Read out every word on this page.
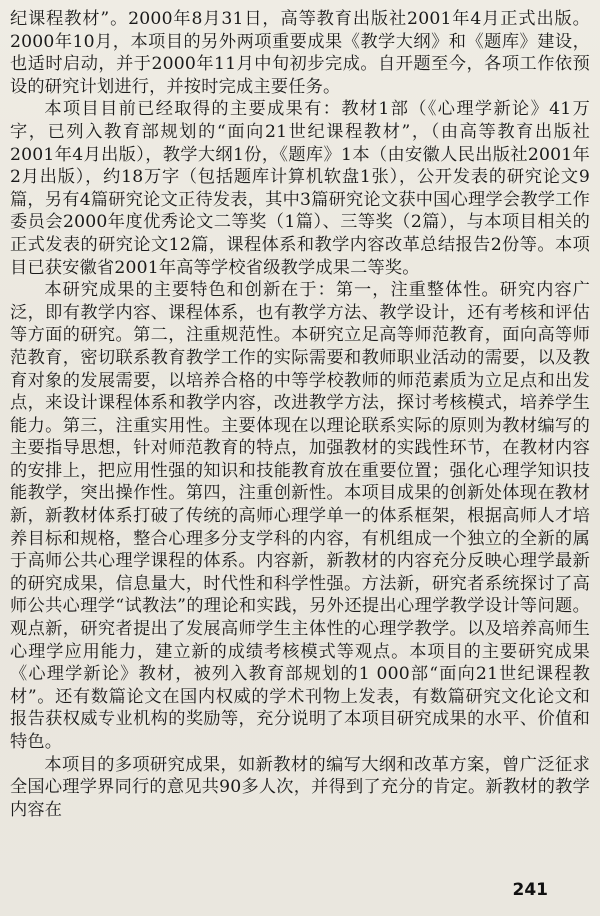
纪课程教材”。2000年8月31日，高等教育出版社2001年4月正式出版。2000年10月，本项目的另外两项重要成果《教学大纲》和《题库》建设，也适时启动，并于2000年11月中旬初步完成。自开题至今，各项工作依预设的研究计划进行，并按时完成主要任务。

本项目目前已经取得的主要成果有：教材1部（《心理学新论》41万字，已列入教育部规划的“面向21世纪课程教材”，（由高等教育出版社2001年4月出版），教学大纲1份，《题库》1本（由安徽人民出版社2001年2月出版），约18万字（包括题库计算机软盘1张），公开发表的研究论文9篇，另有4篇研究论文正待发表，其中3篇研究论文获中国心理学会教学工作委员会2000年度优秀论文二等奖（1篇）、三等奖（2篇），与本项目相关的正式发表的研究论文12篇，课程体系和教学内容改革总结报告2份等。本项目已获安徽省2001年高等学校省级教学成果二等奖。

本研究成果的主要特色和创新在于：第一，注重整体性。研究内容广泛，即有教学内容、课程体系，也有教学方法、教学设计，还有考核和评估等方面的研究。第二，注重规范性。本研究立足高等师范教育，面向高等师范教育，密切联系教育教学工作的实际需要和教师职业活动的需要，以及教育对象的发展需要，以培养合格的中等学校教师的师范素质为立足点和出发点，来设计课程体系和教学内容，改进教学方法，探讨考核模式，培养学生能力。第三，注重实用性。主要体现在以理论联系实际的原则为教材编写的主要指导思想，针对师范教育的特点，加强教材的实践性环节，在教材内容的安排上，把应用性强的知识和技能教育放在重要位置；强化心理学知识技能教学，突出操作性。第四，注重创新性。本项目成果的创新处体现在教材新，新教材体系打破了传统的高师心理学单一的体系框架，根据高师人才培养目标和规格，整合心理多分支学科的内容，有机组成一个独立的全新的属于高师公共心理学课程的体系。内容新，新教材的内容充分反映心理学最新的研究成果，信息量大，时代性和科学性强。方法新，研究者系统探讨了高师公共心理学“试教法”的理论和实践，另外还提出心理学教学设计等问题。观点新，研究者提出了发展高师学生主体性的心理学教学。以及培养高师生心理学应用能力，建立新的成绩考核模式等观点。本项目的主要研究成果《心理学新论》教材，被列入教育部规划的1 000部“面向21世纪课程教材”。还有数篇论文在国内权威的学术刊物上发表，有数篇研究文化论文和报告获权威专业机构的奖励等，充分说明了本项目研究成果的水平、价值和特色。

本项目的多项研究成果，如新教材的编写大纲和改革方案，曾广泛征求全国心理学界同行的意见共90多人次，并得到了充分的肯定。新教材的教学内容在

241
